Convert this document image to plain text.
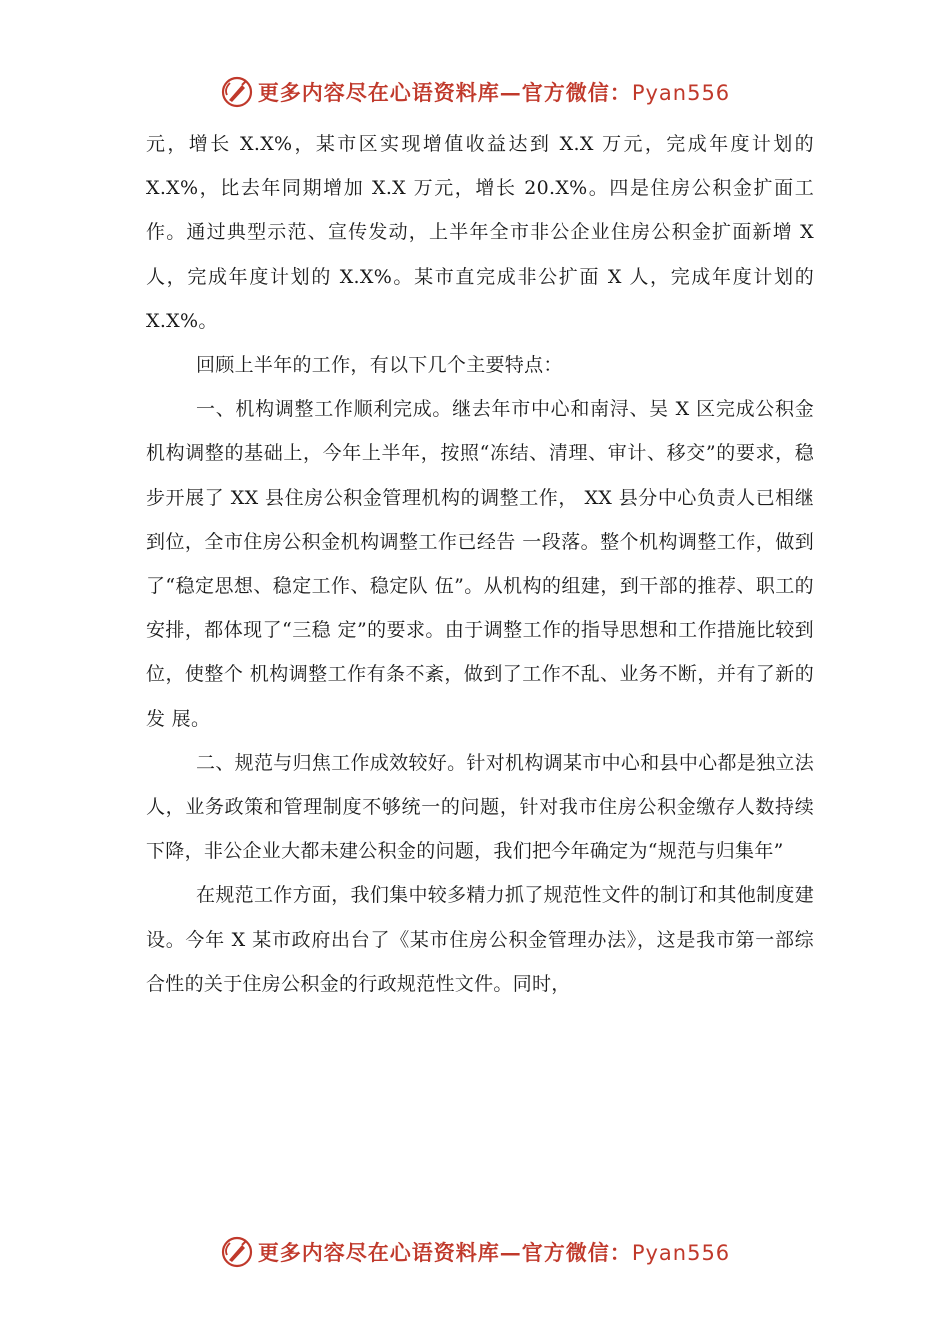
更多内容尽在心语资料库—官方微信：Pyan556

元，增长 X.X%，某市区实现增值收益达到 X.X 万元，完成年度计划的 X.X%，比去年同期增加 X.X 万元，增长 20.X%。四是住房公积金扩面工作。通过典型示范、宣传发动，上半年全市非公企业住房公积金扩面新增 X 人，完成年度计划的 X.X%。某市直完成非公扩面 X 人，完成年度计划的 X.X%。

回顾上半年的工作，有以下几个主要特点：

一、机构调整工作顺利完成。继去年市中心和南浔、吴 X 区完成公积金机构调整的基础上，今年上半年，按照“冻结、清理、审计、移交”的要求，稳步开展了 XX 县住房公积金管理机构的调整工作， XX 县分中心负责人已相继到位，全市住房公积金机构调整工作已经告 一段落。整个机构调整工作，做到了“稳定思想、稳定工作、稳定队 伍”。从机构的组建，到干部的推荐、职工的安排，都体现了“三稳 定”的要求。由于调整工作的指导思想和工作措施比较到位，使整个 机构调整工作有条不紊，做到了工作不乱、业务不断，并有了新的发 展。

二、规范与归焦工作成效较好。针对机构调某市中心和县中心都是独立法人，业务政策和管理制度不够统一的问题，针对我市住房公积金缴存人数持续下降，非公企业大都未建公积金的问题，我们把今年确定为“规范与归集年”

在规范工作方面，我们集中较多精力抓了规范性文件的制订和其他制度建设。今年 X 某市政府出台了《某市住房公积金管理办法》，这是我市第一部综合性的关于住房公积金的行政规范性文件。同时，

更多内容尽在心语资料库—官方微信：Pyan556
